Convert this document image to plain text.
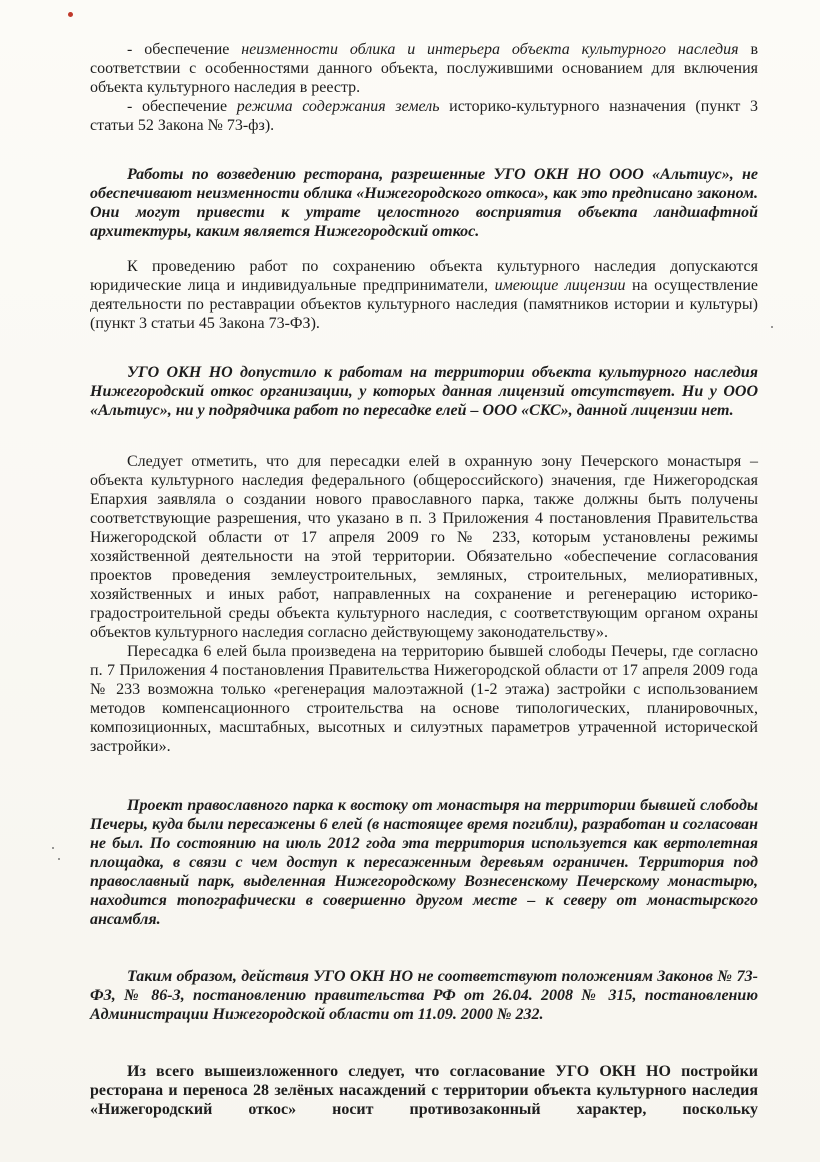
- обеспечение неизменности облика и интерьера объекта культурного наследия в соответствии с особенностями данного объекта, послужившими основанием для включения объекта культурного наследия в реестр.

- обеспечение режима содержания земель историко-культурного назначения (пункт 3 статьи 52 Закона № 73-фз).

Работы по возведению ресторана, разрешенные УГО ОКН НО ООО «Альтиус», не обеспечивают неизменности облика «Нижегородского откоса», как это предписано законом. Они могут привести к утрате целостного восприятия объекта ландшафтной архитектуры, каким является Нижегородский откос.

К проведению работ по сохранению объекта культурного наследия допускаются юридические лица и индивидуальные предприниматели, имеющие лицензии на осуществление деятельности по реставрации объектов культурного наследия (памятников истории и культуры) (пункт 3 статьи 45 Закона 73-ФЗ).

УГО ОКН НО допустило к работам на территории объекта культурного наследия Нижегородский откос организации, у которых данная лицензий отсутствует. Ни у ООО «Альтиус», ни у подрядчика работ по пересадке елей – ООО «СКС», данной лицензии нет.

Следует отметить, что для пересадки елей в охранную зону Печерского монастыря – объекта культурного наследия федерального (общероссийского) значения, где Нижегородская Епархия заявляла о создании нового православного парка, также должны быть получены соответствующие разрешения, что указано в п. 3 Приложения 4 постановления Правительства Нижегородской области от 17 апреля 2009 го № 233, которым установлены режимы хозяйственной деятельности на этой территории. Обязательно «обеспечение согласования проектов проведения землеустроительных, земляных, строительных, мелиоративных, хозяйственных и иных работ, направленных на сохранение и регенерацию историко-градостроительной среды объекта культурного наследия, с соответствующим органом охраны объектов культурного наследия согласно действующему законодательству».

Пересадка 6 елей была произведена на территорию бывшей слободы Печеры, где согласно п. 7 Приложения 4 постановления Правительства Нижегородской области от 17 апреля 2009 года № 233 возможна только «регенерация малоэтажной (1-2 этажа) застройки с использованием методов компенсационного строительства на основе типологических, планировочных, композиционных, масштабных, высотных и силуэтных параметров утраченной исторической застройки».

Проект православного парка к востоку от монастыря на территории бывшей слободы Печеры, куда были пересажены 6 елей (в настоящее время погибли), разработан и согласован не был. По состоянию на июль 2012 года эта территория используется как вертолетная площадка, в связи с чем доступ к пересаженным деревьям ограничен. Территория под православный парк, выделенная Нижегородскому Вознесенскому Печерскому монастырю, находится топографически в совершенно другом месте – к северу от монастырского ансамбля.

Таким образом, действия УГО ОКН НО не соответствуют положениям Законов № 73-ФЗ, № 86-З, постановлению правительства РФ от 26.04. 2008 № 315, постановлению Администрации Нижегородской области от 11.09. 2000 № 232.

Из всего вышеизложенного следует, что согласование УГО ОКН НО постройки ресторана и переноса 28 зелёных насаждений с территории объекта культурного наследия «Нижегородский откос» носит противозаконный характер, поскольку
